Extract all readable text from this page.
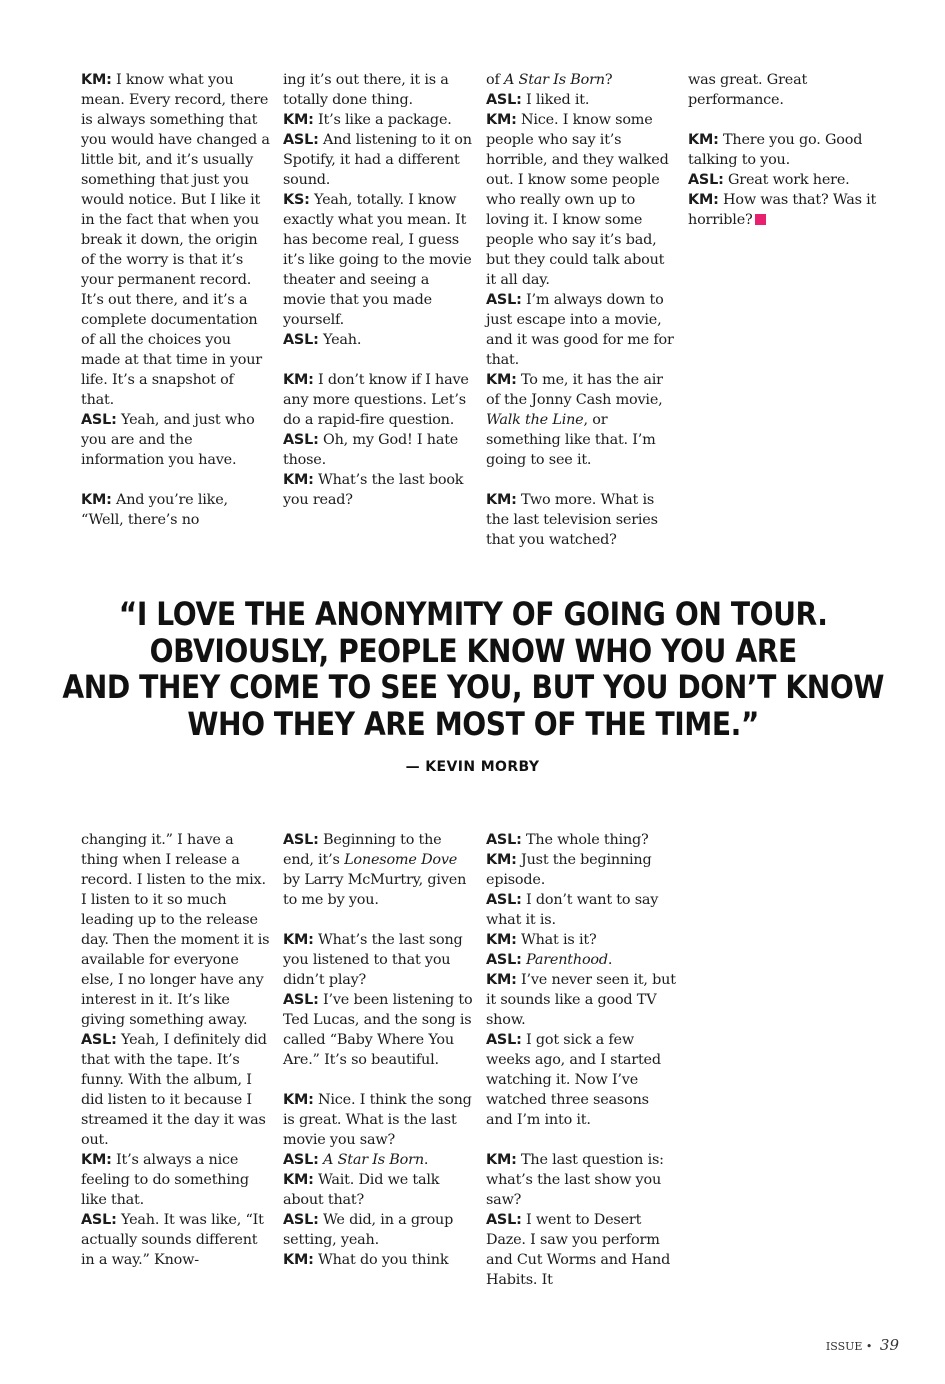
KM: I know what you mean. Every record, there is always something that you would have changed a little bit, and it’s usually something that just you would notice. But I like it in the fact that when you break it down, the origin of the worry is that it’s your permanent record. It’s out there, and it’s a complete documentation of all the choices you made at that time in your life. It’s a snapshot of that.

ASL: Yeah, and just who you are and the information you have.

KM: And you’re like, “Well, there’s no

ing it’s out there, it is a totally done thing.

KM: It’s like a package.

ASL: And listening to it on Spotify, it had a different sound.

KS: Yeah, totally. I know exactly what you mean. It has become real, I guess it’s like going to the movie theater and seeing a movie that you made yourself.

ASL: Yeah.

KM: I don’t know if I have any more questions. Let’s do a rapid-fire question.

ASL: Oh, my God! I hate those.

KM: What’s the last book you read?

of A Star Is Born?

ASL: I liked it.

KM: Nice. I know some people who say it’s horrible, and they walked out. I know some people who really own up to loving it. I know some people who say it’s bad, but they could talk about it all day.

ASL: I’m always down to just escape into a movie, and it was good for me for that.

KM: To me, it has the air of the Jonny Cash movie, Walk the Line, or something like that. I’m going to see it.

KM: Two more. What is the last television series that you watched?

was great. Great performance.

KM: There you go. Good talking to you.

ASL: Great work here.

KM: How was that? Was it horrible?

“I LOVE THE ANONYMITY OF GOING ON TOUR.
OBVIOUSLY, PEOPLE KNOW WHO YOU ARE
AND THEY COME TO SEE YOU, BUT YOU DON’T KNOW
WHO THEY ARE MOST OF THE TIME.”
— KEVIN MORBY

changing it.” I have a thing when I release a record. I listen to the mix. I listen to it so much leading up to the release day. Then the moment it is available for everyone else, I no longer have any interest in it. It’s like giving something away.

ASL: Yeah, I definitely did that with the tape. It’s funny. With the album, I did listen to it because I streamed it the day it was out.

KM: It’s always a nice feeling to do something like that.

ASL: Yeah. It was like, “It actually sounds different in a way.” Know-

ASL: Beginning to the end, it’s Lonesome Dove by Larry McMurtry, given to me by you.

KM: What’s the last song you listened to that you didn’t play?

ASL: I’ve been listening to Ted Lucas, and the song is called “Baby Where You Are.” It’s so beautiful.

KM: Nice. I think the song is great. What is the last movie you saw?

ASL: A Star Is Born.

KM: Wait. Did we talk about that?

ASL: We did, in a group setting, yeah.

KM: What do you think

ASL: The whole thing?

KM: Just the beginning episode.

ASL: I don’t want to say what it is.

KM: What is it?

ASL: Parenthood.

KM: I’ve never seen it, but it sounds like a good TV show.

ASL: I got sick a few weeks ago, and I started watching it. Now I’ve watched three seasons and I’m into it.

KM: The last question is: what’s the last show you saw?

ASL: I went to Desert Daze. I saw you perform and Cut Worms and Hand Habits. It

ISSUE • 39
